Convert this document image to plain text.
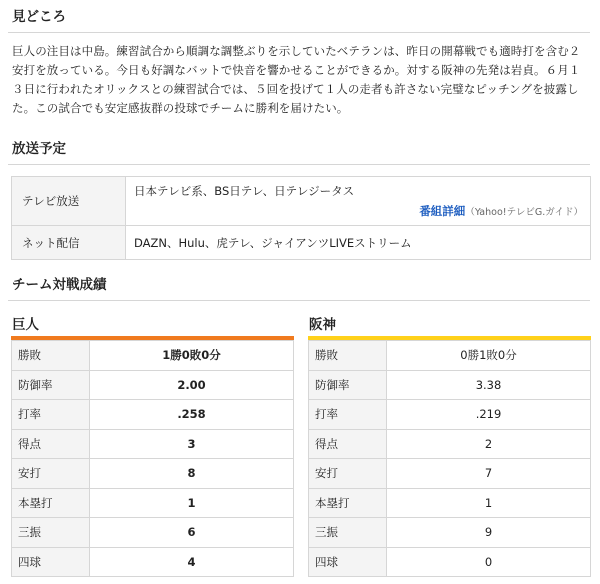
見どころ
巨人の注目は中島。練習試合から順調な調整ぶりを示していたベテランは、昨日の開幕戦でも適時打を含む２安打を放っている。今日も好調なバットで快音を響かせることができるか。対する阪神の先発は岩貞。６月１３日に行われたオリックスとの練習試合では、５回を投げて１人の走者も許さない完璧なピッチングを披露した。この試合でも安定感抜群の投球でチームに勝利を届けたい。
放送予定
テレビ放送	日本テレビ系、BS日テレ、日テレジータス
番組詳細（Yahoo!テレビG.ガイド）

ネット配信	DAZN、Hulu、虎テレ、ジャイアンツLIVEストリーム
チーム対戦成績
巨人
勝敗	1勝0敗0分
防御率	2.00
打率	.258
得点	3
安打	8
本塁打	1
三振	6
四球	4
阪神
勝敗	0勝1敗0分
防御率	3.38
打率	.219
得点	2
安打	7
本塁打	1
三振	9
四球	0
